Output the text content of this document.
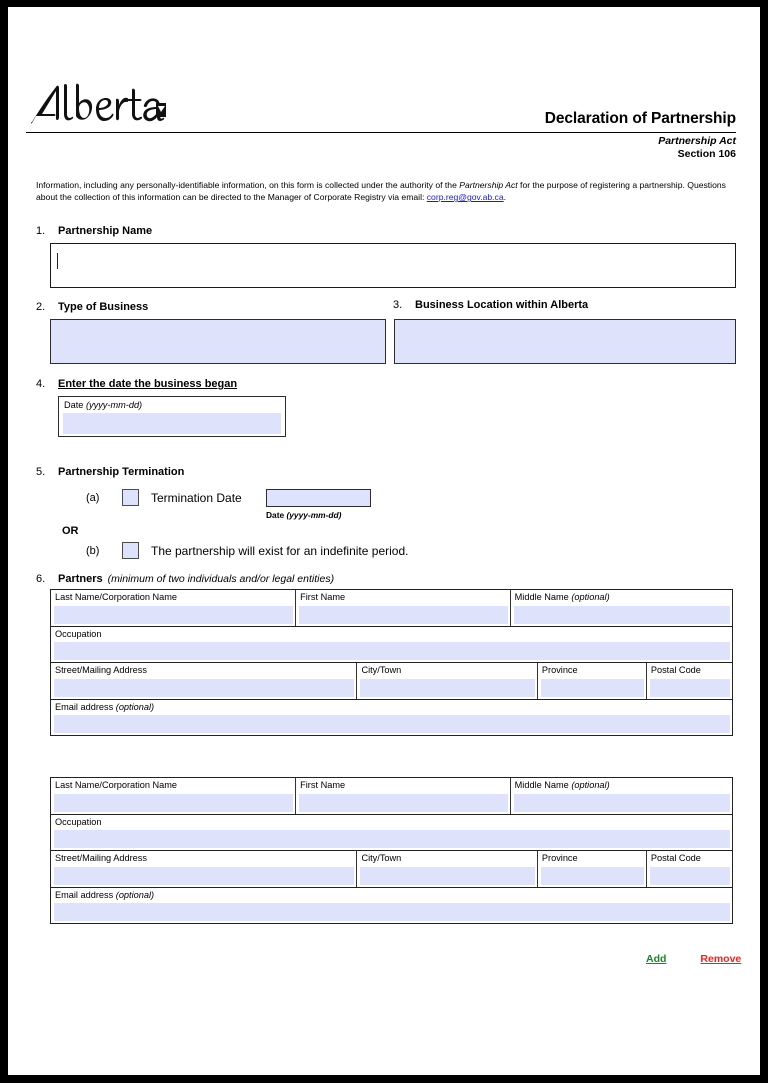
Declaration of Partnership
Partnership Act
Section 106
Information, including any personally-identifiable information, on this form is collected under the authority of the Partnership Act for the purpose of registering a partnership. Questions about the collection of this information can be directed to the Manager of Corporate Registry via email: corp.reg@gov.ab.ca.
1.	Partnership Name
2.	Type of Business	3.	Business Location within Alberta
4.	Enter the date the business began
Date (yyyy-mm-dd)
5.	Partnership Termination
(a)	Termination Date
Date (yyyy-mm-dd)
OR
(b)	The partnership will exist for an indefinite period.
6.	Partners (minimum of two individuals and/or legal entities)
Last Name/Corporation Name	First Name	Middle Name (optional)
Occupation
Street/Mailing Address	City/Town	Province	Postal Code
Email address (optional)
Last Name/Corporation Name	First Name	Middle Name (optional)
Occupation
Street/Mailing Address	City/Town	Province	Postal Code
Email address (optional)
Add	Remove
